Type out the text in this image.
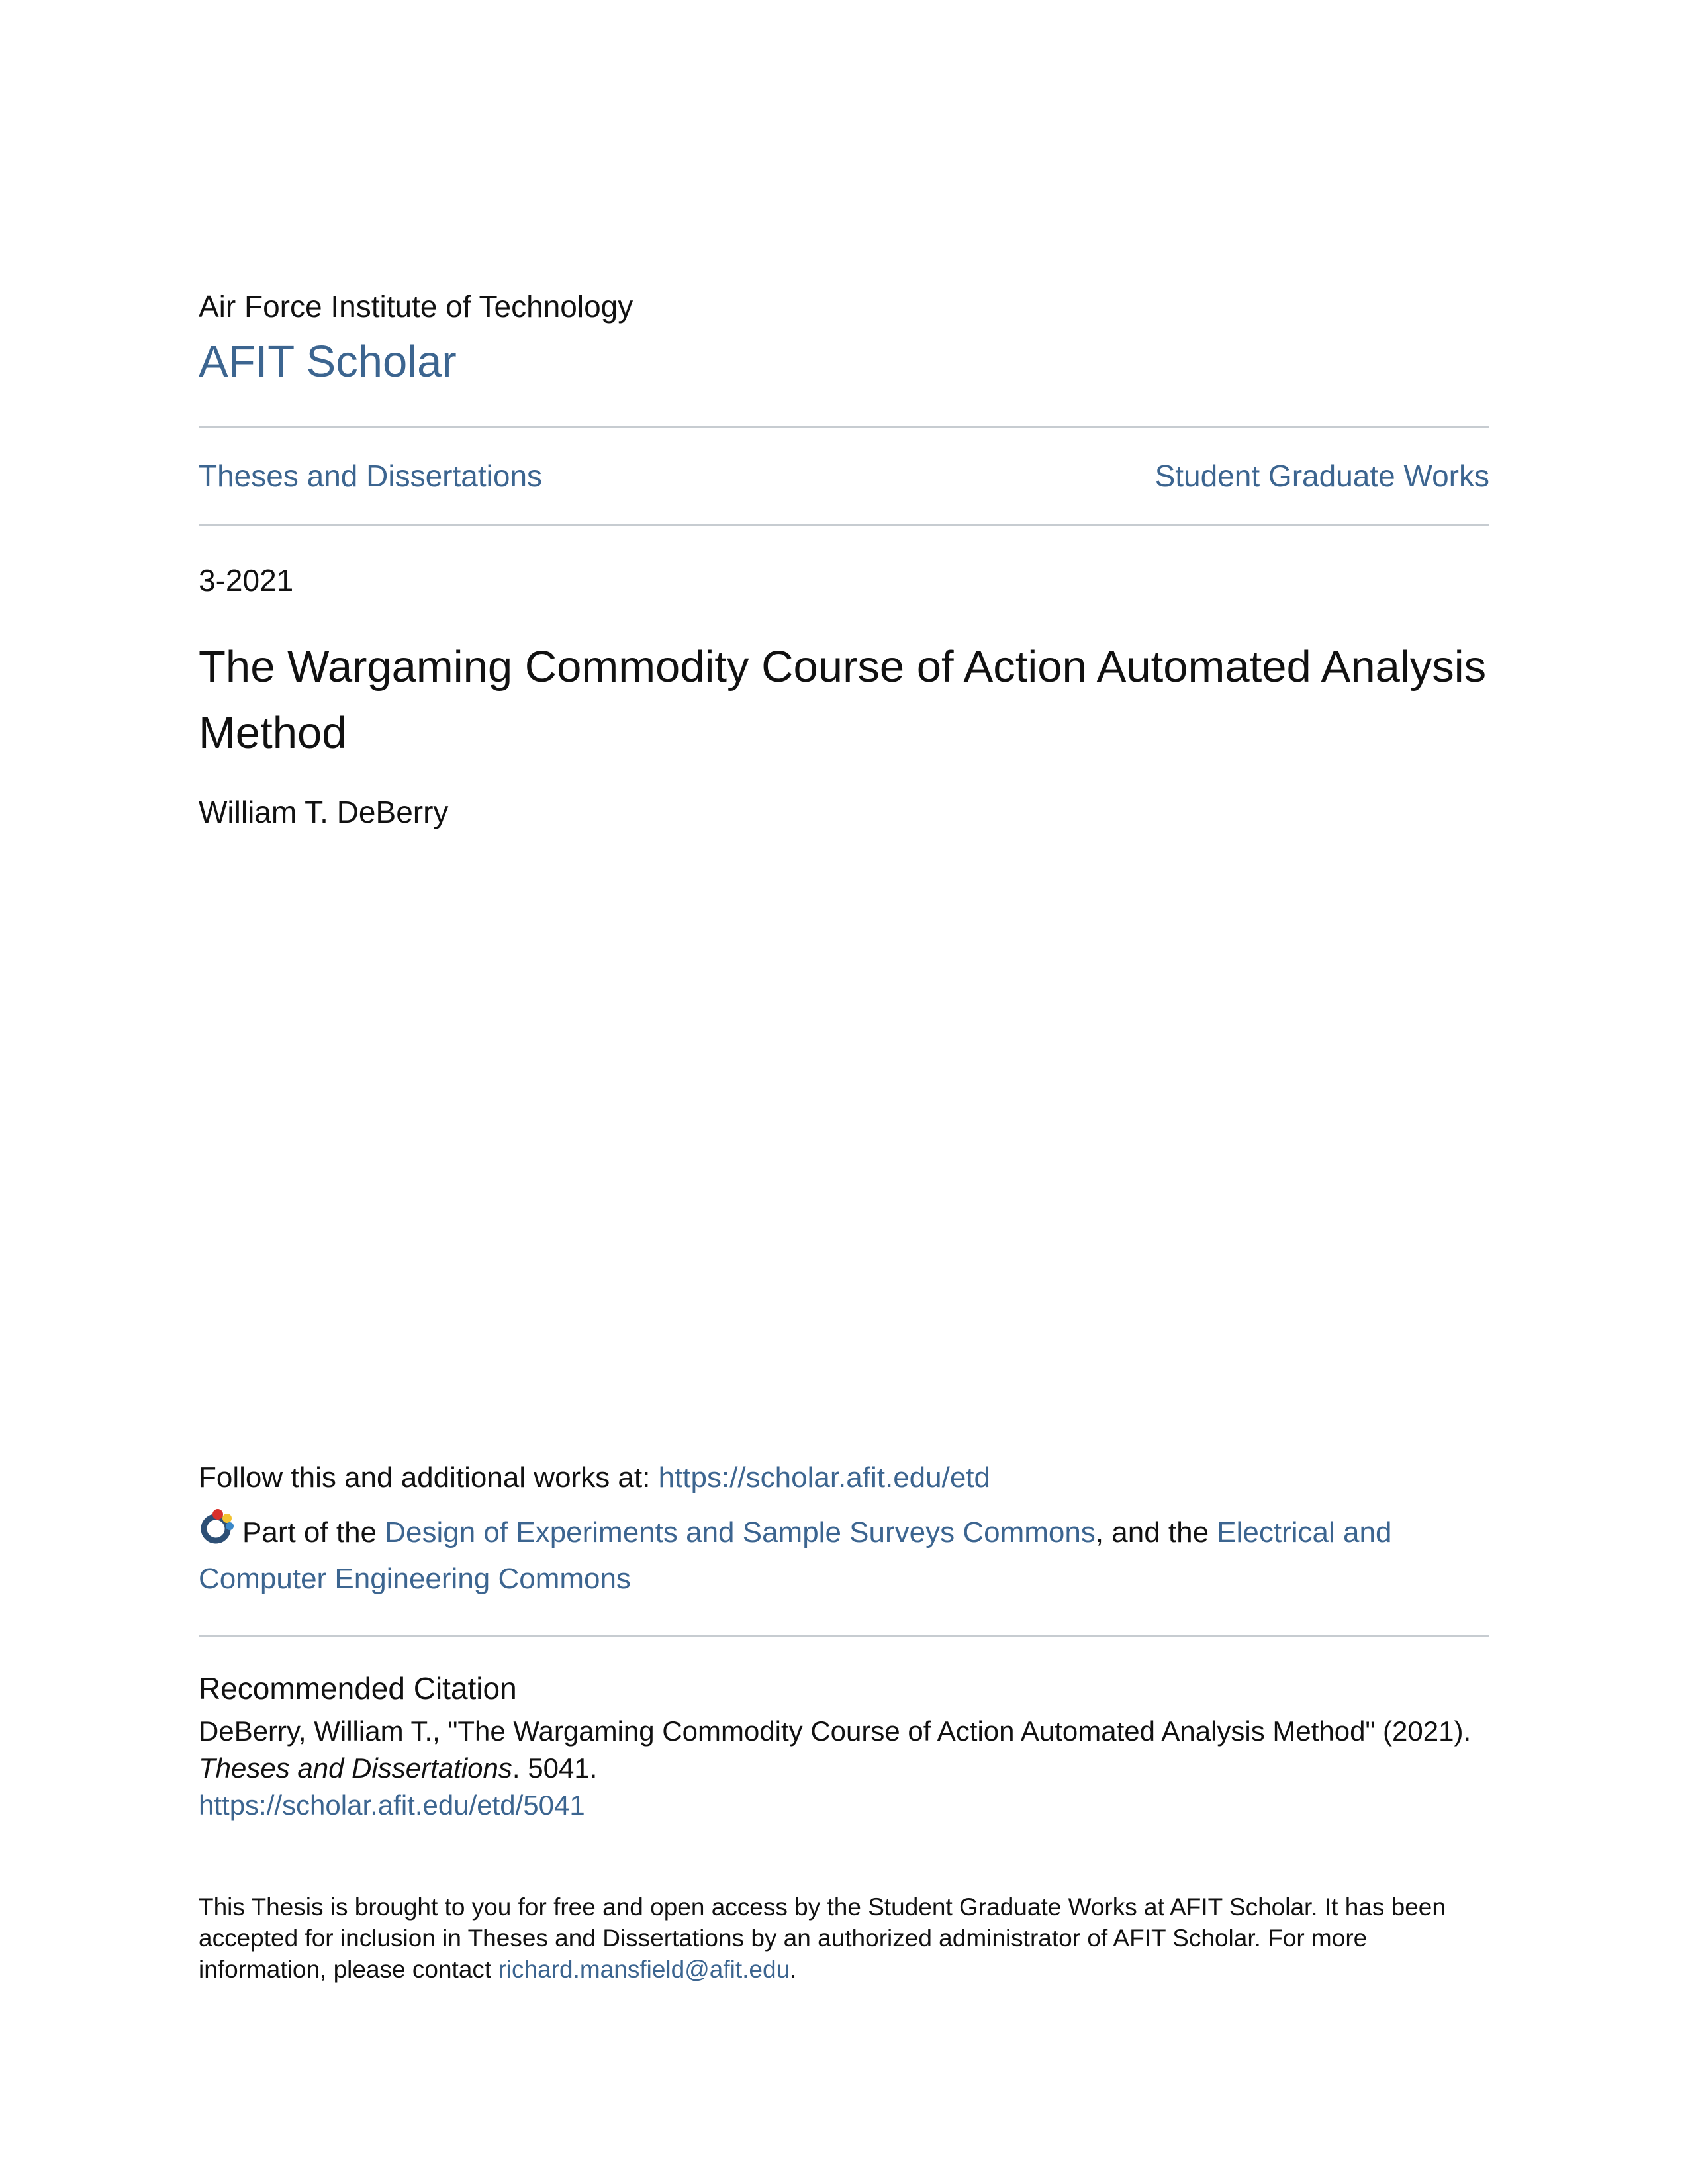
Air Force Institute of Technology
AFIT Scholar
Theses and Dissertations	Student Graduate Works
3-2021
The Wargaming Commodity Course of Action Automated Analysis Method
William T. DeBerry
Follow this and additional works at: https://scholar.afit.edu/etd
Part of the Design of Experiments and Sample Surveys Commons, and the Electrical and Computer Engineering Commons
Recommended Citation
DeBerry, William T., "The Wargaming Commodity Course of Action Automated Analysis Method" (2021).
Theses and Dissertations. 5041.
https://scholar.afit.edu/etd/5041
This Thesis is brought to you for free and open access by the Student Graduate Works at AFIT Scholar. It has been accepted for inclusion in Theses and Dissertations by an authorized administrator of AFIT Scholar. For more information, please contact richard.mansfield@afit.edu.
